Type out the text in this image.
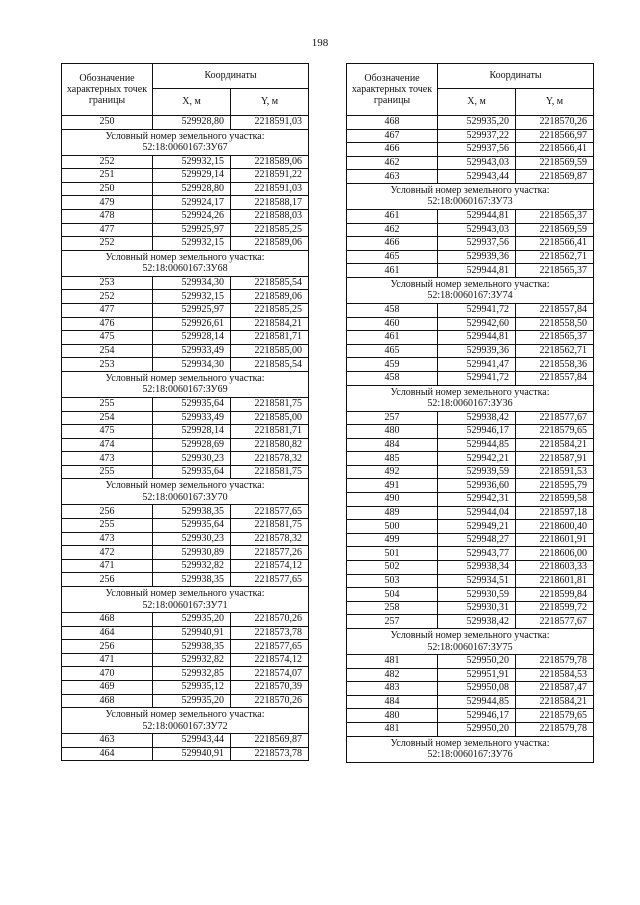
198
Обозначение характерных точек границы	Координаты	
	X, м	Y, м
250	529928,80	2218591,03

Условный номер земельного участка:
52:18:0060167:ЗУ67		

252	529932,15	2218589,06
251	529929,14	2218591,22
250	529928,80	2218591,03
479	529924,17	2218588,17
478	529924,26	2218588,03
477	529925,97	2218585,25
252	529932,15	2218589,06

Условный номер земельного участка:
52:18:0060167:ЗУ68		

253	529934,30	2218585,54
252	529932,15	2218589,06
477	529925,97	2218585,25
476	529926,61	2218584,21
475	529928,14	2218581,71
254	529933,49	2218585,00
253	529934,30	2218585,54

Условный номер земельного участка:
52:18:0060167:ЗУ69		

255	529935,64	2218581,75
254	529933,49	2218585,00
475	529928,14	2218581,71
474	529928,69	2218580,82
473	529930,23	2218578,32
255	529935,64	2218581,75

Условный номер земельного участка:
52:18:0060167:ЗУ70		

256	529938,35	2218577,65
255	529935,64	2218581,75
473	529930,23	2218578,32
472	529930,89	2218577,26
471	529932,82	2218574,12
256	529938,35	2218577,65

Условный номер земельного участка:
52:18:0060167:ЗУ71		

468	529935,20	2218570,26
464	529940,91	2218573,78
256	529938,35	2218577,65
471	529932,82	2218574,12
470	529932,85	2218574,07
469	529935,12	2218570,39
468	529935,20	2218570,26

Условный номер земельного участка:
52:18:0060167:ЗУ72		

463	529943,44	2218569,87
464	529940,91	2218573,78
Обозначение характерных точек границы	Координаты	
	X, м	Y, м
468	529935,20	2218570,26
467	529937,22	2218566,97
466	529937,56	2218566,41
462	529943,03	2218569,59
463	529943,44	2218569,87

Условный номер земельного участка:
52:18:0060167:ЗУ73		

461	529944,81	2218565,37
462	529943,03	2218569,59
466	529937,56	2218566,41
465	529939,36	2218562,71
461	529944,81	2218565,37

Условный номер земельного участка:
52:18:0060167:ЗУ74		

458	529941,72	2218557,84
460	529942,60	2218558,50
461	529944,81	2218565,37
465	529939,36	2218562,71
459	529941,47	2218558,36
458	529941,72	2218557,84

Условный номер земельного участка:
52:18:0060167:ЗУ36		

257	529938,42	2218577,67
480	529946,17	2218579,65
484	529944,85	2218584,21
485	529942,21	2218587,91
492	529939,59	2218591,53
491	529936,60	2218595,79
490	529942,31	2218599,58
489	529944,04	2218597,18
500	529949,21	2218600,40
499	529948,27	2218601,91
501	529943,77	2218606,00
502	529938,34	2218603,33
503	529934,51	2218601,81
504	529930,59	2218599,84
258	529930,31	2218599,72
257	529938,42	2218577,67

Условный номер земельного участка:
52:18:0060167:ЗУ75		

481	529950,20	2218579,78
482	529951,91	2218584,53
483	529950,08	2218587,47
484	529944,85	2218584,21
480	529946,17	2218579,65
481	529950,20	2218579,78

Условный номер земельного участка:
52:18:0060167:ЗУ76		
